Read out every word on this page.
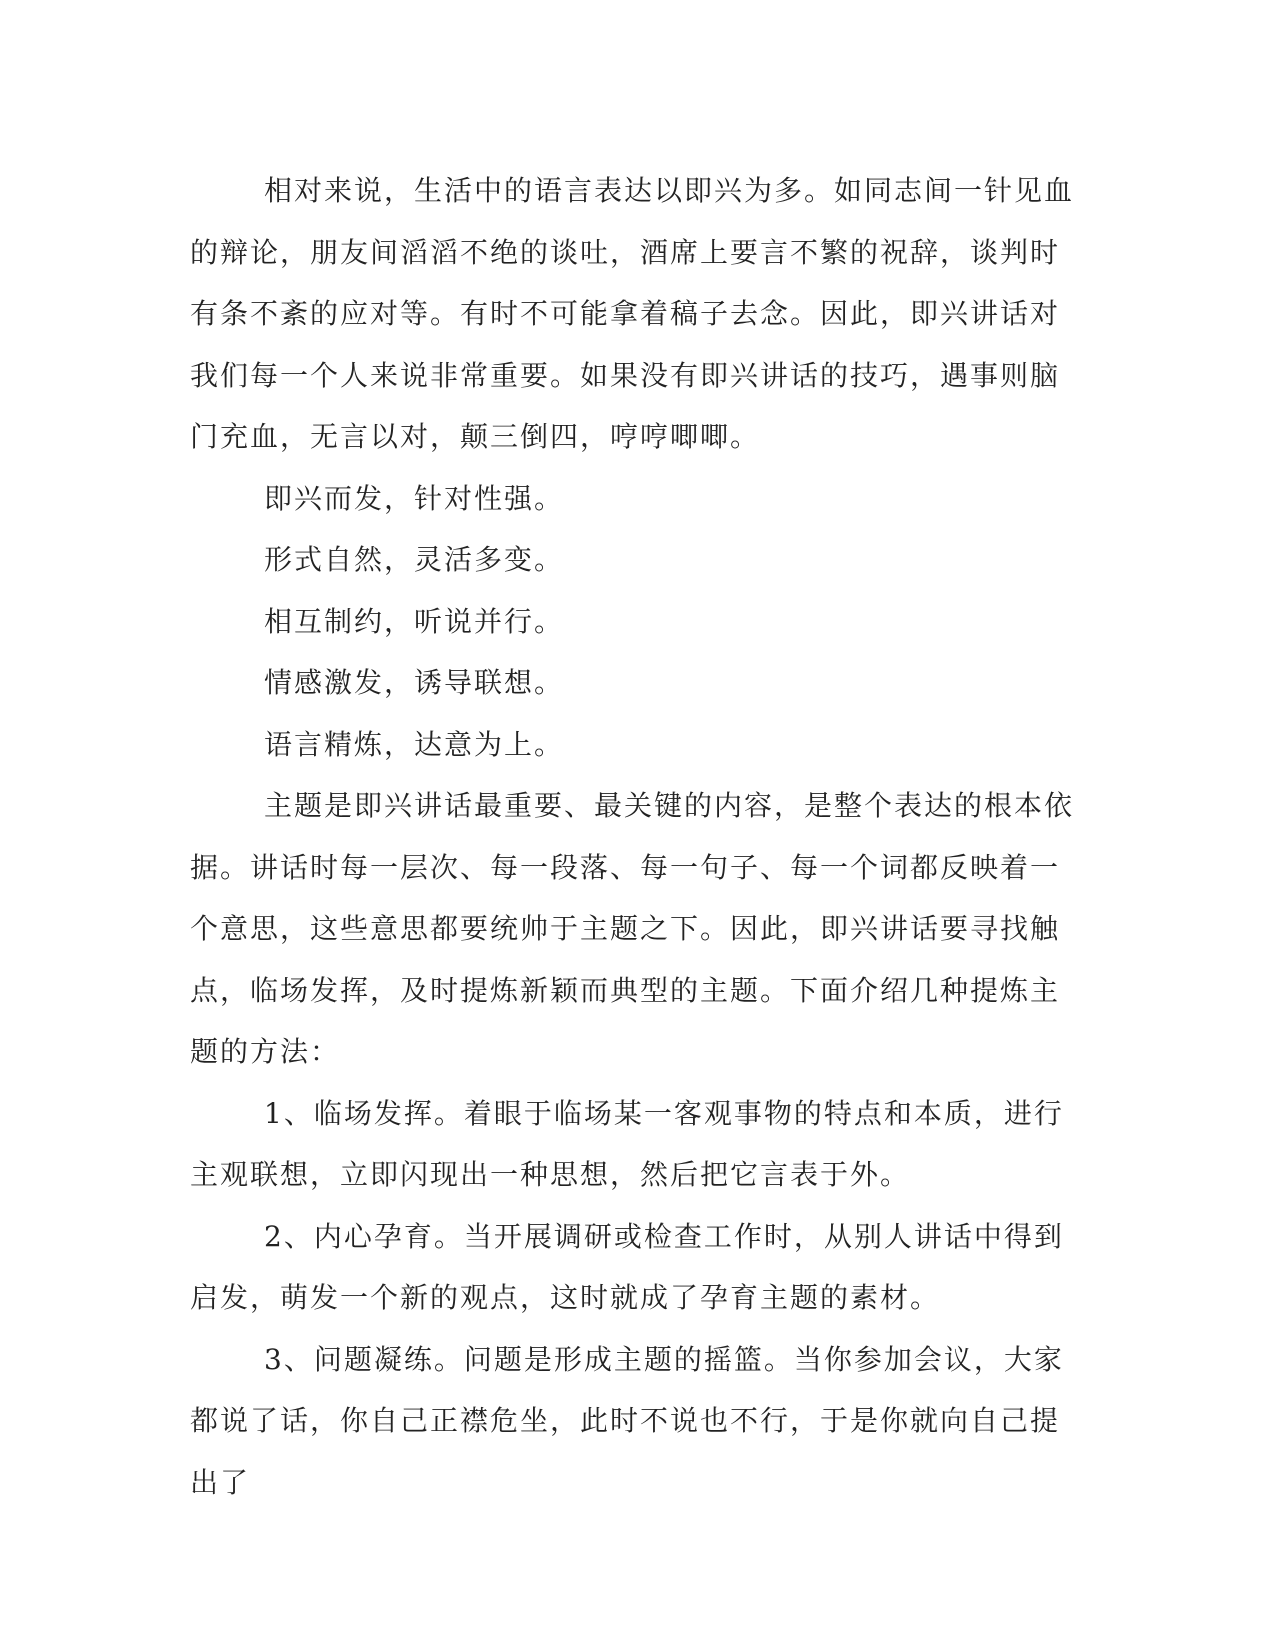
相对来说，生活中的语言表达以即兴为多。如同志间一针见血的辩论，朋友间滔滔不绝的谈吐，酒席上要言不繁的祝辞，谈判时有条不紊的应对等。有时不可能拿着稿子去念。因此，即兴讲话对我们每一个人来说非常重要。如果没有即兴讲话的技巧，遇事则脑门充血，无言以对，颠三倒四，哼哼唧唧。

即兴而发，针对性强。

形式自然，灵活多变。

相互制约，听说并行。

情感激发，诱导联想。

语言精炼，达意为上。

主题是即兴讲话最重要、最关键的内容，是整个表达的根本依据。讲话时每一层次、每一段落、每一句子、每一个词都反映着一个意思，这些意思都要统帅于主题之下。因此，即兴讲话要寻找触点，临场发挥，及时提炼新颖而典型的主题。下面介绍几种提炼主题的方法：

1、临场发挥。着眼于临场某一客观事物的特点和本质，进行主观联想，立即闪现出一种思想，然后把它言表于外。

2、内心孕育。当开展调研或检查工作时，从别人讲话中得到启发，萌发一个新的观点，这时就成了孕育主题的素材。

3、问题凝练。问题是形成主题的摇篮。当你参加会议，大家都说了话，你自己正襟危坐，此时不说也不行，于是你就向自己提出了
